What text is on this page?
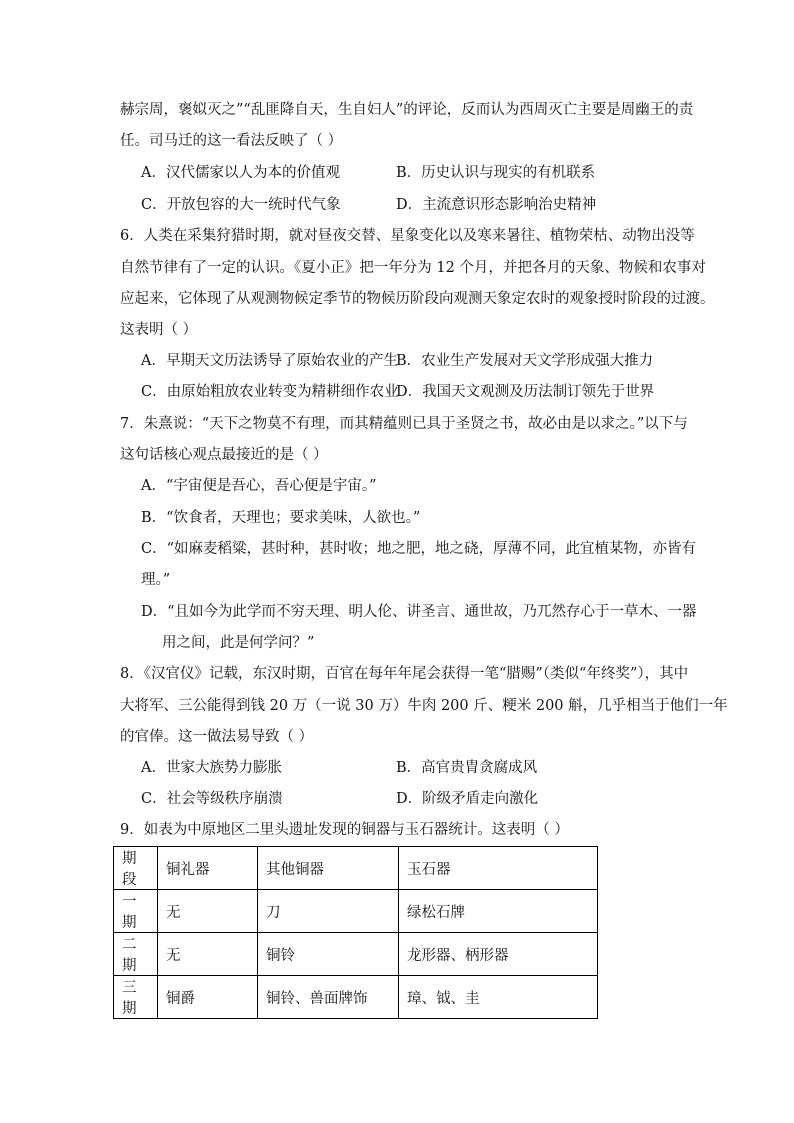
赫宗周，褒姒灭之”“乱匪降自天，生自妇人”的评论，反而认为西周灭亡主要是周幽王的责
任。司马迁的这一看法反映了（ ）
A．汉代儒家以人为本的价值观	B．历史认识与现实的有机联系
C．开放包容的大一统时代气象	D．主流意识形态影响治史精神
6．人类在采集狩猎时期，就对昼夜交替、星象变化以及寒来暑往、植物荣枯、动物出没等
自然节律有了一定的认识。《夏小正》把一年分为 12 个月，并把各月的天象、物候和农事对
应起来，它体现了从观测物候定季节的物候历阶段向观测天象定农时的观象授时阶段的过渡。
这表明（ ）
A．早期天文历法诱导了原始农业的产生
B．农业生产发展对天文学形成强大推力
C．由原始粗放农业转变为精耕细作农业
D．我国天文观测及历法制订领先于世界
7．朱熹说：“天下之物莫不有理，而其精蕴则已具于圣贤之书，故必由是以求之。”以下与
这句话核心观点最接近的是（ ）
A．“宇宙便是吾心，吾心便是宇宙。”
B．“饮食者，天理也；要求美味，人欲也。”
C．“如麻麦稻粱，甚时种，甚时收；地之肥，地之硗，厚薄不同，此宜植某物，亦皆有
理。”
D．“且如今为此学而不穷天理、明人伦、讲圣言、通世故，乃兀然存心于一草木、一器
用之间，此是何学问？”
8．《汉官仪》记载，东汉时期，百官在每年年尾会获得一笔“腊赐”（类似“年终奖”），其中
大将军、三公能得到钱 20 万（一说 30 万）牛肉 200 斤、粳米 200 斛，几乎相当于他们一年
的官俸。这一做法易导致（ ）
A．世家大族势力膨胀	B．高官贵胄贪腐成风
C．社会等级秩序崩溃	D．阶级矛盾走向激化
9．如表为中原地区二里头遗址发现的铜器与玉石器统计。这表明（ ）
期段	铜礼器	其他铜器	玉石器
一期	无	刀	绿松石牌
二期	无	铜铃	龙形器、柄形器
三期	铜爵	铜铃、兽面牌饰	璋、钺、圭
